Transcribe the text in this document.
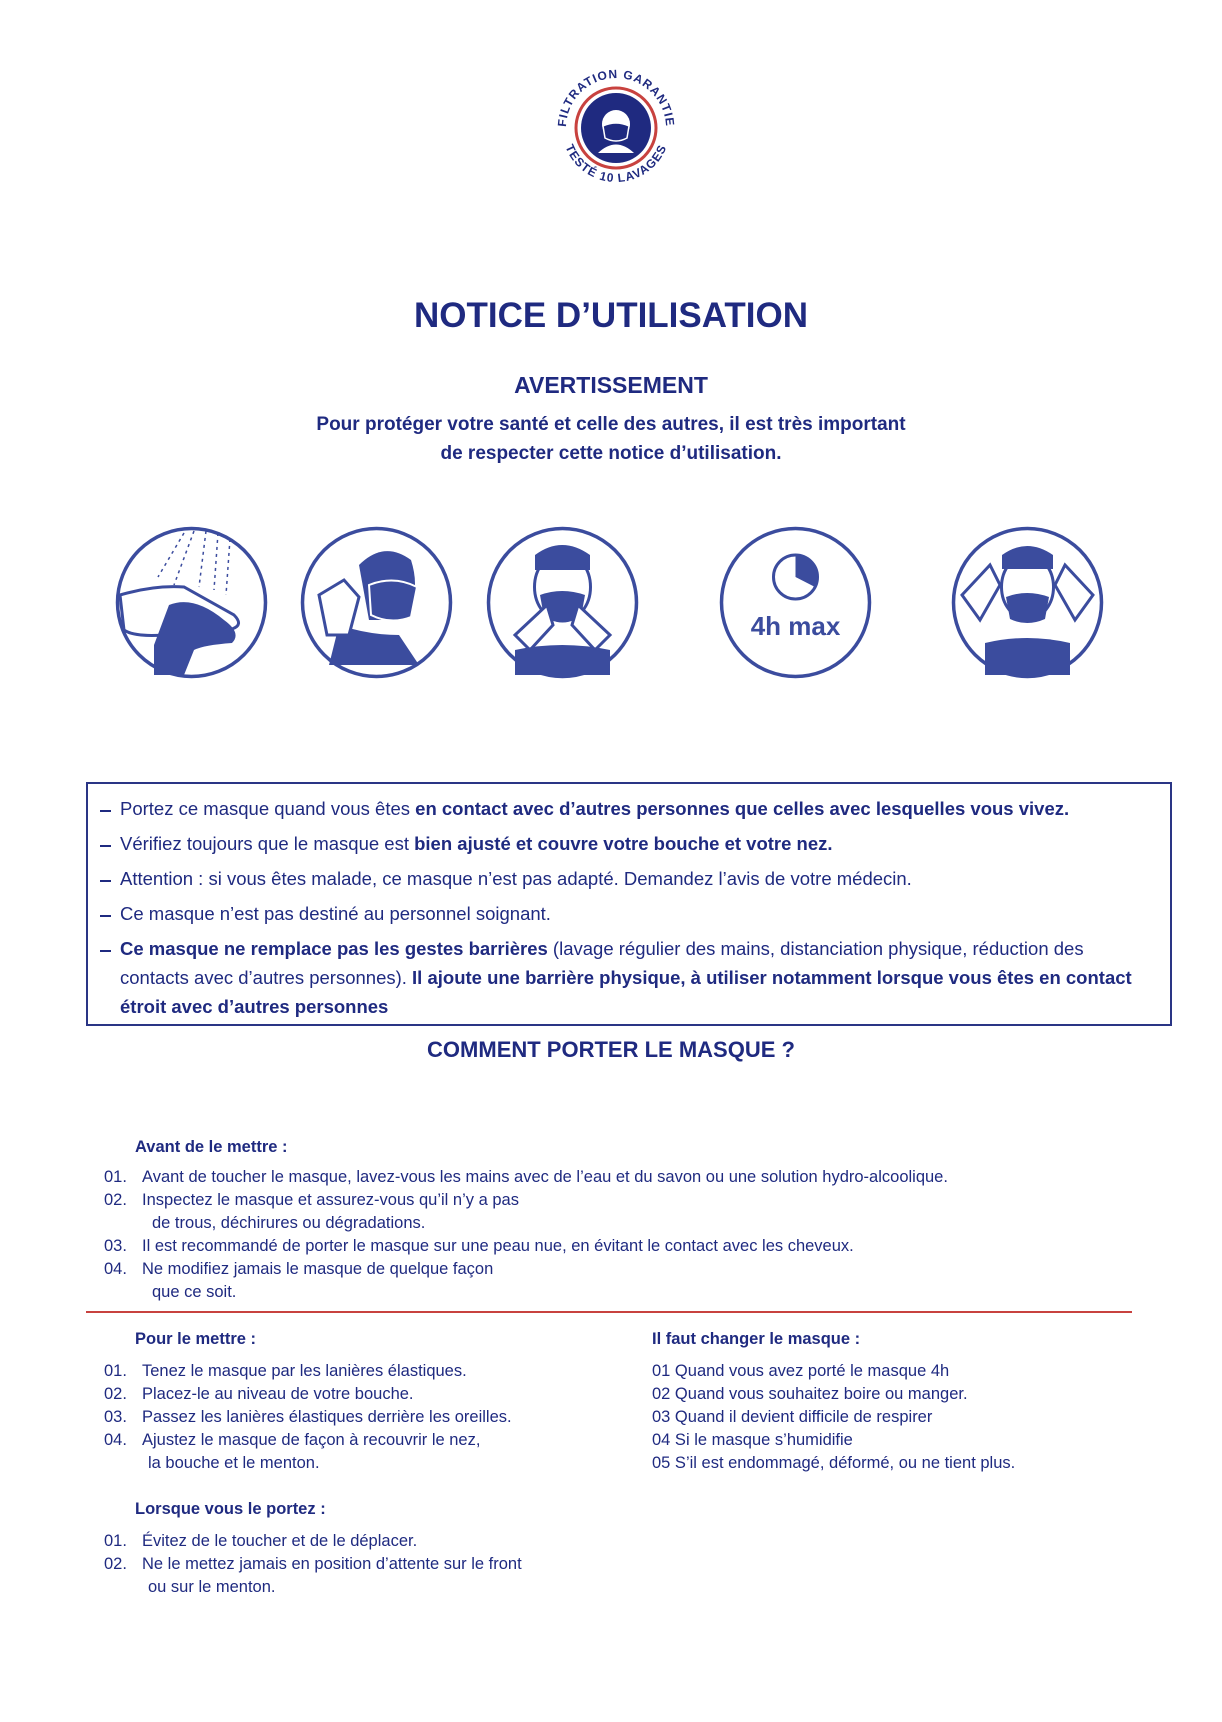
FILTRATION GARANTIE
TESTÉ 10 LAVAGES
NOTICE D’UTILISATION
AVERTISSEMENT
Pour protéger votre santé et celle des autres, il est très important
de respecter cette notice d’utilisation.
4h max
Portez ce masque quand vous êtes en contact avec d’autres personnes que celles avec lesquelles vous vivez.
Vérifiez toujours que le masque est bien ajusté et couvre votre bouche et votre nez.
Attention : si vous êtes malade, ce masque n’est pas adapté. Demandez l’avis de votre médecin.
Ce masque n’est pas destiné au personnel soignant.
Ce masque ne remplace pas les gestes barrières (lavage régulier des mains, distanciation physique, réduction des contacts avec d’autres personnes). Il ajoute une barrière physique, à utiliser notamment lorsque vous êtes en contact étroit avec d’autres personnes
COMMENT PORTER LE MASQUE ?
Avant de le mettre :
01. Avant de toucher le masque, lavez-vous les mains avec de l’eau et du savon ou une solution hydro-alcoolique.
02. Inspectez le masque et assurez-vous qu’il n’y a pas
de trous, déchirures ou dégradations.
03. Il est recommandé de porter le masque sur une peau nue, en évitant le contact avec les cheveux.
04. Ne modifiez jamais le masque de quelque façon
que ce soit.
Pour le mettre :
01. Tenez le masque par les lanières élastiques.
02. Placez-le au niveau de votre bouche.
03. Passez les lanières élastiques derrière les oreilles.
04. Ajustez le masque de façon à recouvrir le nez,
la bouche et le menton.
Il faut changer le masque :
01 Quand vous avez porté le masque 4h
02 Quand vous souhaitez boire ou manger.
03 Quand il devient difficile de respirer
04 Si le masque s’humidifie
05 S’il est endommagé, déformé, ou ne tient plus.
Lorsque vous le portez :
01. Évitez de le toucher et de le déplacer.
02. Ne le mettez jamais en position d’attente sur le front
ou sur le menton.
